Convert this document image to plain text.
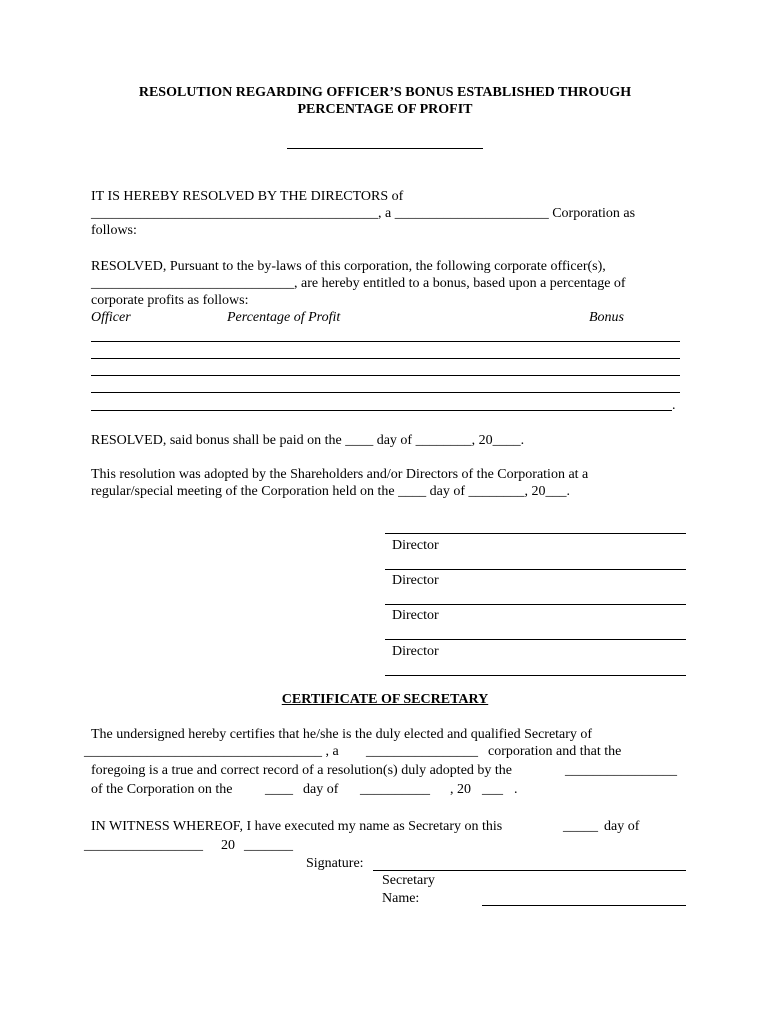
RESOLUTION REGARDING OFFICER’S BONUS ESTABLISHED THROUGH
PERCENTAGE OF PROFIT
IT IS HEREBY RESOLVED BY THE DIRECTORS of
_________________________________________, a ______________________ Corporation as
follows:
RESOLVED, Pursuant to the by-laws of this corporation, the following corporate officer(s),
_____________________________, are hereby entitled to a bonus, based upon a percentage of
corporate profits as follows:
Officer	Percentage of Profit	Bonus
.
RESOLVED, said bonus shall be paid on the ____ day of ________, 20____.
This resolution was adopted by the Shareholders and/or Directors of the Corporation at a
regular/special meeting of the Corporation held on the ____ day of ________, 20___.
Director
Director
Director
Director
CERTIFICATE OF SECRETARY
The undersigned hereby certifies that he/she is the duly elected and qualified Secretary of
__________________________________ , a ________________ corporation and that the
foregoing is a true and correct record of a resolution(s) duly adopted by the	________________
of the Corporation on the ____ day of __________ , 20 ___ .
IN WITNESS WHEREOF, I have executed my name as Secretary on this	_____ day of
_________________ 20 _______
Signature:
Secretary
Name:
